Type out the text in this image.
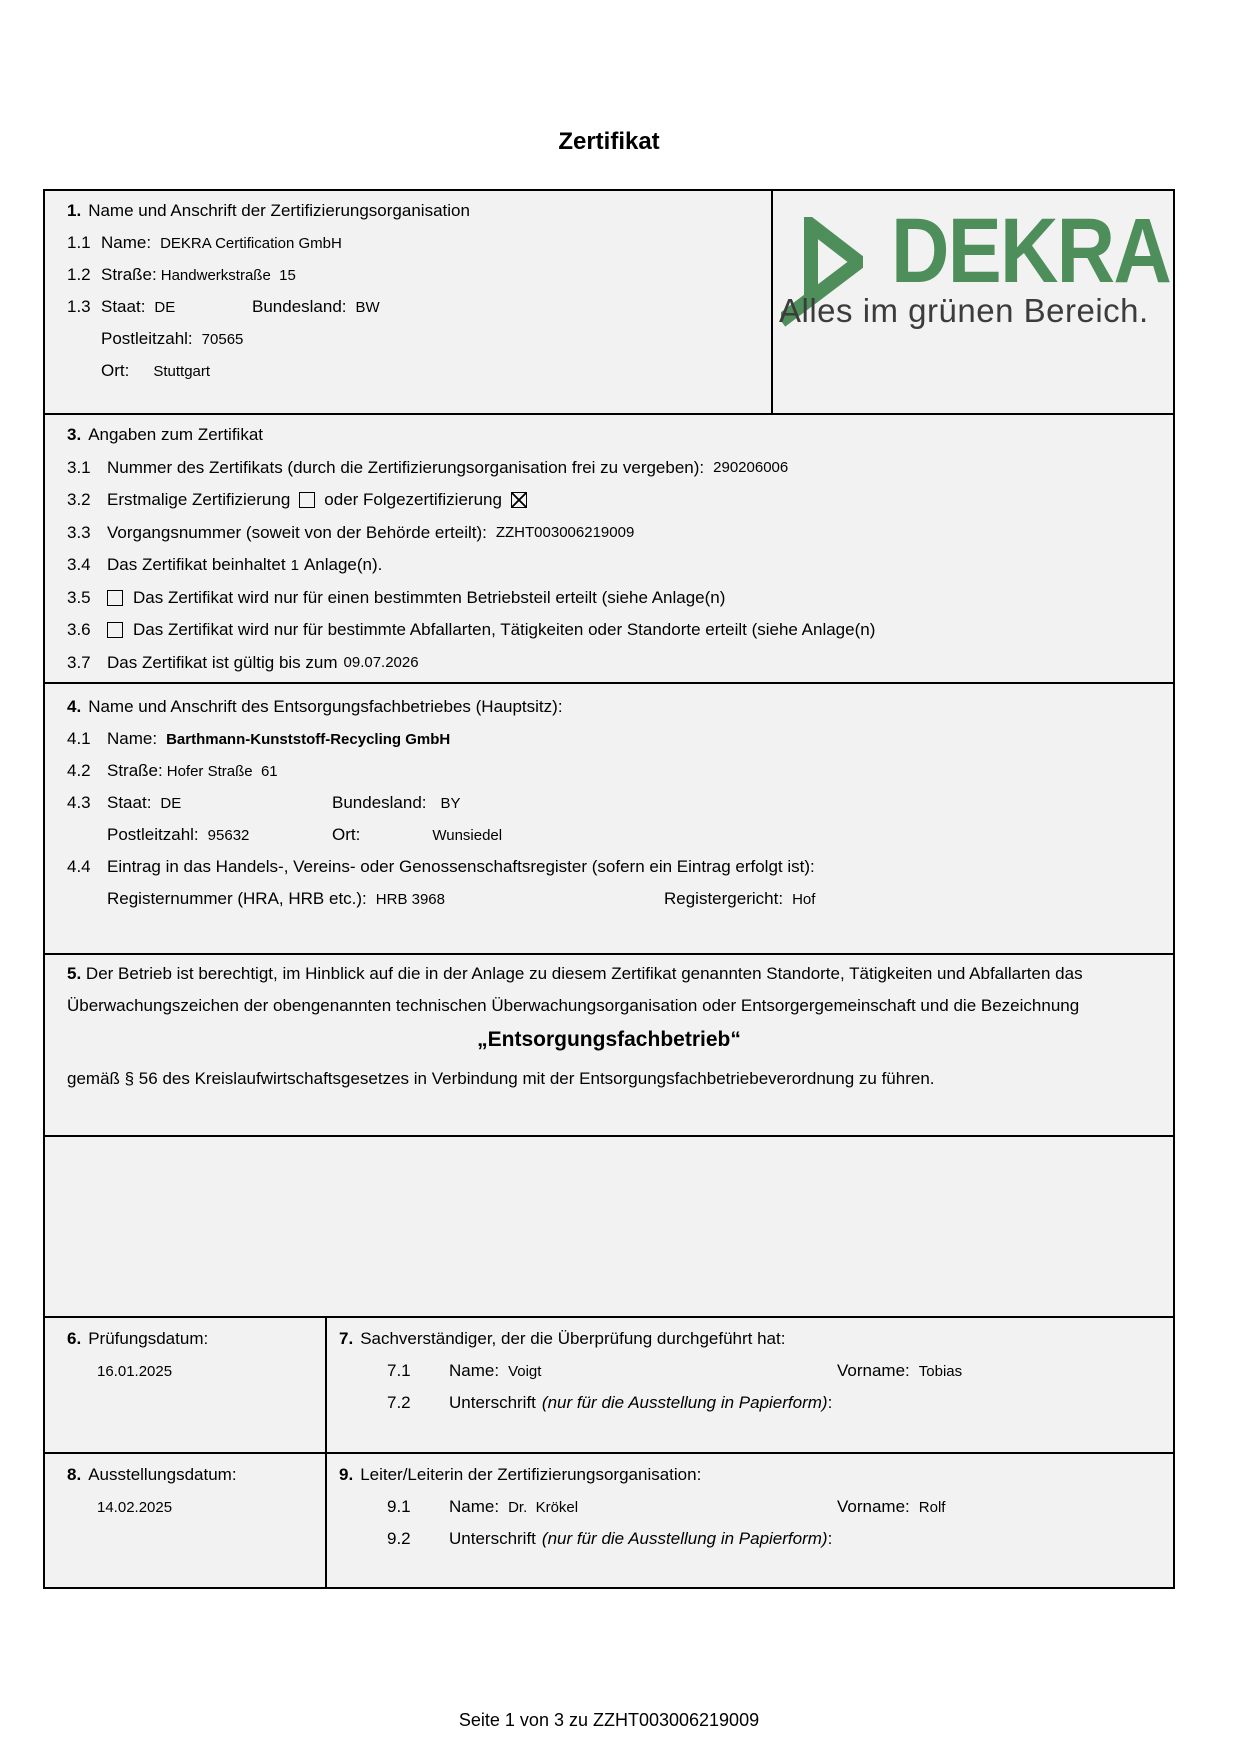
Zertifikat
1. Name und Anschrift der Zertifizierungsorganisation
1.1 Name: DEKRA Certification GmbH
1.2 Straße: Handwerkstraße  15
1.3 Staat: DE	Bundesland: BW
Postleitzahl: 70565
Ort: Stuttgart
DEKRA
Alles im grünen Bereich.
3. Angaben zum Zertifikat
3.1 Nummer des Zertifikats (durch die Zertifizierungsorganisation frei zu vergeben): 290206006
3.2 Erstmalige Zertifizierung oder Folgezertifizierung
3.3 Vorgangsnummer (soweit von der Behörde erteilt): ZZHT003006219009
3.4 Das Zertifikat beinhaltet 1 Anlage(n).
3.5	Das Zertifikat wird nur für einen bestimmten Betriebsteil erteilt (siehe Anlage(n)
3.6	Das Zertifikat wird nur für bestimmte Abfallarten, Tätigkeiten oder Standorte erteilt (siehe Anlage(n)
3.7 Das Zertifikat ist gültig bis zum 09.07.2026
4. Name und Anschrift des Entsorgungsfachbetriebes (Hauptsitz):
4.1 Name: Barthmann-Kunststoff-Recycling GmbH
4.2 Straße: Hofer Straße  61
4.3 Staat: DE	Bundesland: BY
Postleitzahl: 95632	Ort:	Wunsiedel
4.4 Eintrag in das Handels-, Vereins- oder Genossenschaftsregister (sofern ein Eintrag erfolgt ist):
Registernummer (HRA, HRB etc.): HRB 3968	Registergericht: Hof
5. Der Betrieb ist berechtigt, im Hinblick auf die in der Anlage zu diesem Zertifikat genannten Standorte, Tätigkeiten und Abfallarten das Überwachungszeichen der obengenannten technischen Überwachungsorganisation oder Entsorgergemeinschaft und die Bezeichnung
„Entsorgungsfachbetrieb“
gemäß § 56 des Kreislaufwirtschaftsgesetzes in Verbindung mit der Entsorgungsfachbetriebeverordnung zu führen.
6. Prüfungsdatum:
16.01.2025
7. Sachverständiger, der die Überprüfung durchgeführt hat:
7.1	Name: Voigt	Vorname: Tobias
7.2	Unterschrift (nur für die Ausstellung in Papierform) :
8. Ausstellungsdatum:
14.02.2025
9. Leiter/Leiterin der Zertifizierungsorganisation:
9.1	Name: Dr.  Krökel	Vorname: Rolf
9.2	Unterschrift (nur für die Ausstellung in Papierform) :
Seite 1 von 3 zu ZZHT003006219009
